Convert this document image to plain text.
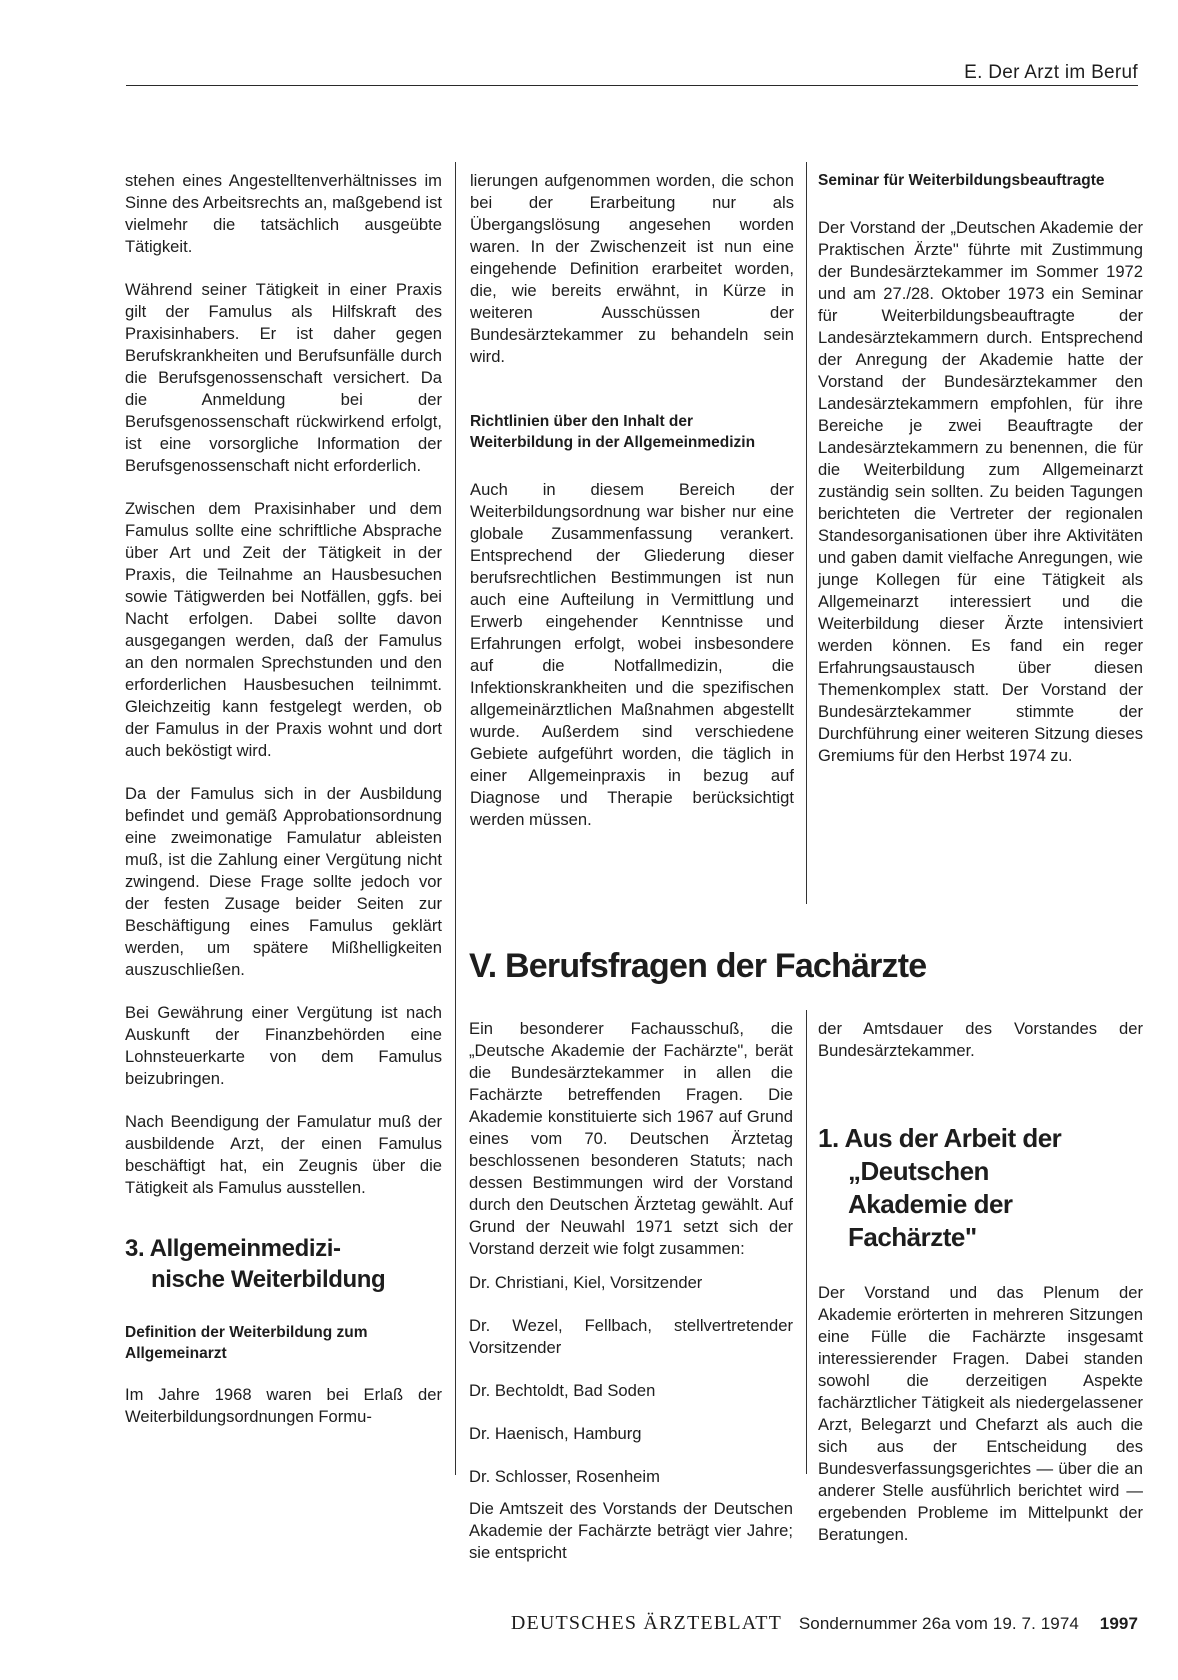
E. Der Arzt im Beruf

stehen eines Angestelltenverhältnisses im Sinne des Arbeitsrechts an, maßgebend ist vielmehr die tatsächlich ausgeübte Tätigkeit.

Während seiner Tätigkeit in einer Praxis gilt der Famulus als Hilfskraft des Praxisinhabers. Er ist daher gegen Berufskrankheiten und Berufsunfälle durch die Berufsgenossenschaft versichert. Da die Anmeldung bei der Berufsgenossenschaft rückwirkend erfolgt, ist eine vorsorgliche Information der Berufsgenossenschaft nicht erforderlich.

Zwischen dem Praxisinhaber und dem Famulus sollte eine schriftliche Absprache über Art und Zeit der Tätigkeit in der Praxis, die Teilnahme an Hausbesuchen sowie Tätigwerden bei Notfällen, ggfs. bei Nacht erfolgen. Dabei sollte davon ausgegangen werden, daß der Famulus an den normalen Sprechstunden und den erforderlichen Hausbesuchen teilnimmt. Gleichzeitig kann festgelegt werden, ob der Famulus in der Praxis wohnt und dort auch beköstigt wird.

Da der Famulus sich in der Ausbildung befindet und gemäß Approbationsordnung eine zweimonatige Famulatur ableisten muß, ist die Zahlung einer Vergütung nicht zwingend. Diese Frage sollte jedoch vor der festen Zusage beider Seiten zur Beschäftigung eines Famulus geklärt werden, um spätere Mißhelligkeiten auszuschließen.

Bei Gewährung einer Vergütung ist nach Auskunft der Finanzbehörden eine Lohnsteuerkarte von dem Famulus beizubringen.

Nach Beendigung der Famulatur muß der ausbildende Arzt, der einen Famulus beschäftigt hat, ein Zeugnis über die Tätigkeit als Famulus ausstellen.

3. Allgemeinmedizi-
nische Weiterbildung
Definition der Weiterbildung zum Allgemeinarzt

Im Jahre 1968 waren bei Erlaß der Weiterbildungsordnungen Formu-

lierungen aufgenommen worden, die schon bei der Erarbeitung nur als Übergangslösung angesehen worden waren. In der Zwischenzeit ist nun eine eingehende Definition erarbeitet worden, die, wie bereits erwähnt, in Kürze in weiteren Ausschüssen der Bundesärztekammer zu behandeln sein wird.

Richtlinien über den Inhalt der Weiterbildung in der Allgemeinmedizin

Auch in diesem Bereich der Weiterbildungsordnung war bisher nur eine globale Zusammenfassung verankert. Entsprechend der Gliederung dieser berufsrechtlichen Bestimmungen ist nun auch eine Aufteilung in Vermittlung und Erwerb eingehender Kenntnisse und Erfahrungen erfolgt, wobei insbesondere auf die Notfallmedizin, die Infektionskrankheiten und die spezifischen allgemeinärztlichen Maßnahmen abgestellt wurde. Außerdem sind verschiedene Gebiete aufgeführt worden, die täglich in einer Allgemeinpraxis in bezug auf Diagnose und Therapie berücksichtigt werden müssen.

Seminar für Weiterbildungsbeauftragte

Der Vorstand der „Deutschen Akademie der Praktischen Ärzte" führte mit Zustimmung der Bundesärztekammer im Sommer 1972 und am 27./28. Oktober 1973 ein Seminar für Weiterbildungsbeauftragte der Landesärztekammern durch. Entsprechend der Anregung der Akademie hatte der Vorstand der Bundesärztekammer den Landesärztekammern empfohlen, für ihre Bereiche je zwei Beauftragte der Landesärztekammern zu benennen, die für die Weiterbildung zum Allgemeinarzt zuständig sein sollten. Zu beiden Tagungen berichteten die Vertreter der regionalen Standesorganisationen über ihre Aktivitäten und gaben damit vielfache Anregungen, wie junge Kollegen für eine Tätigkeit als Allgemeinarzt interessiert und die Weiterbildung dieser Ärzte intensiviert werden können. Es fand ein reger Erfahrungsaustausch über diesen Themenkomplex statt. Der Vorstand der Bundesärztekammer stimmte der Durchführung einer weiteren Sitzung dieses Gremiums für den Herbst 1974 zu.

V. Berufsfragen der Fachärzte

Ein besonderer Fachausschuß, die „Deutsche Akademie der Fachärzte", berät die Bundesärztekammer in allen die Fachärzte betreffenden Fragen. Die Akademie konstituierte sich 1967 auf Grund eines vom 70. Deutschen Ärztetag beschlossenen besonderen Statuts; nach dessen Bestimmungen wird der Vorstand durch den Deutschen Ärztetag gewählt. Auf Grund der Neuwahl 1971 setzt sich der Vorstand derzeit wie folgt zusammen:

Dr. Christiani, Kiel, Vorsitzender

Dr. Wezel, Fellbach, stellvertretender Vorsitzender

Dr. Bechtoldt, Bad Soden

Dr. Haenisch, Hamburg

Dr. Schlosser, Rosenheim

Die Amtszeit des Vorstands der Deutschen Akademie der Fachärzte beträgt vier Jahre; sie entspricht

der Amtsdauer des Vorstandes der Bundesärztekammer.

1. Aus der Arbeit der
„Deutschen
Akademie der
Fachärzte"

Der Vorstand und das Plenum der Akademie erörterten in mehreren Sitzungen eine Fülle die Fachärzte insgesamt interessierender Fragen. Dabei standen sowohl die derzeitigen Aspekte fachärztlicher Tätigkeit als niedergelassener Arzt, Belegarzt und Chefarzt als auch die sich aus der Entscheidung des Bundesverfassungsgerichtes — über die an anderer Stelle ausführlich berichtet wird — ergebenden Probleme im Mittelpunkt der Beratungen.

DEUTSCHES ÄRZTEBLATT Sondernummer 26a vom 19. 7. 1974 1997
